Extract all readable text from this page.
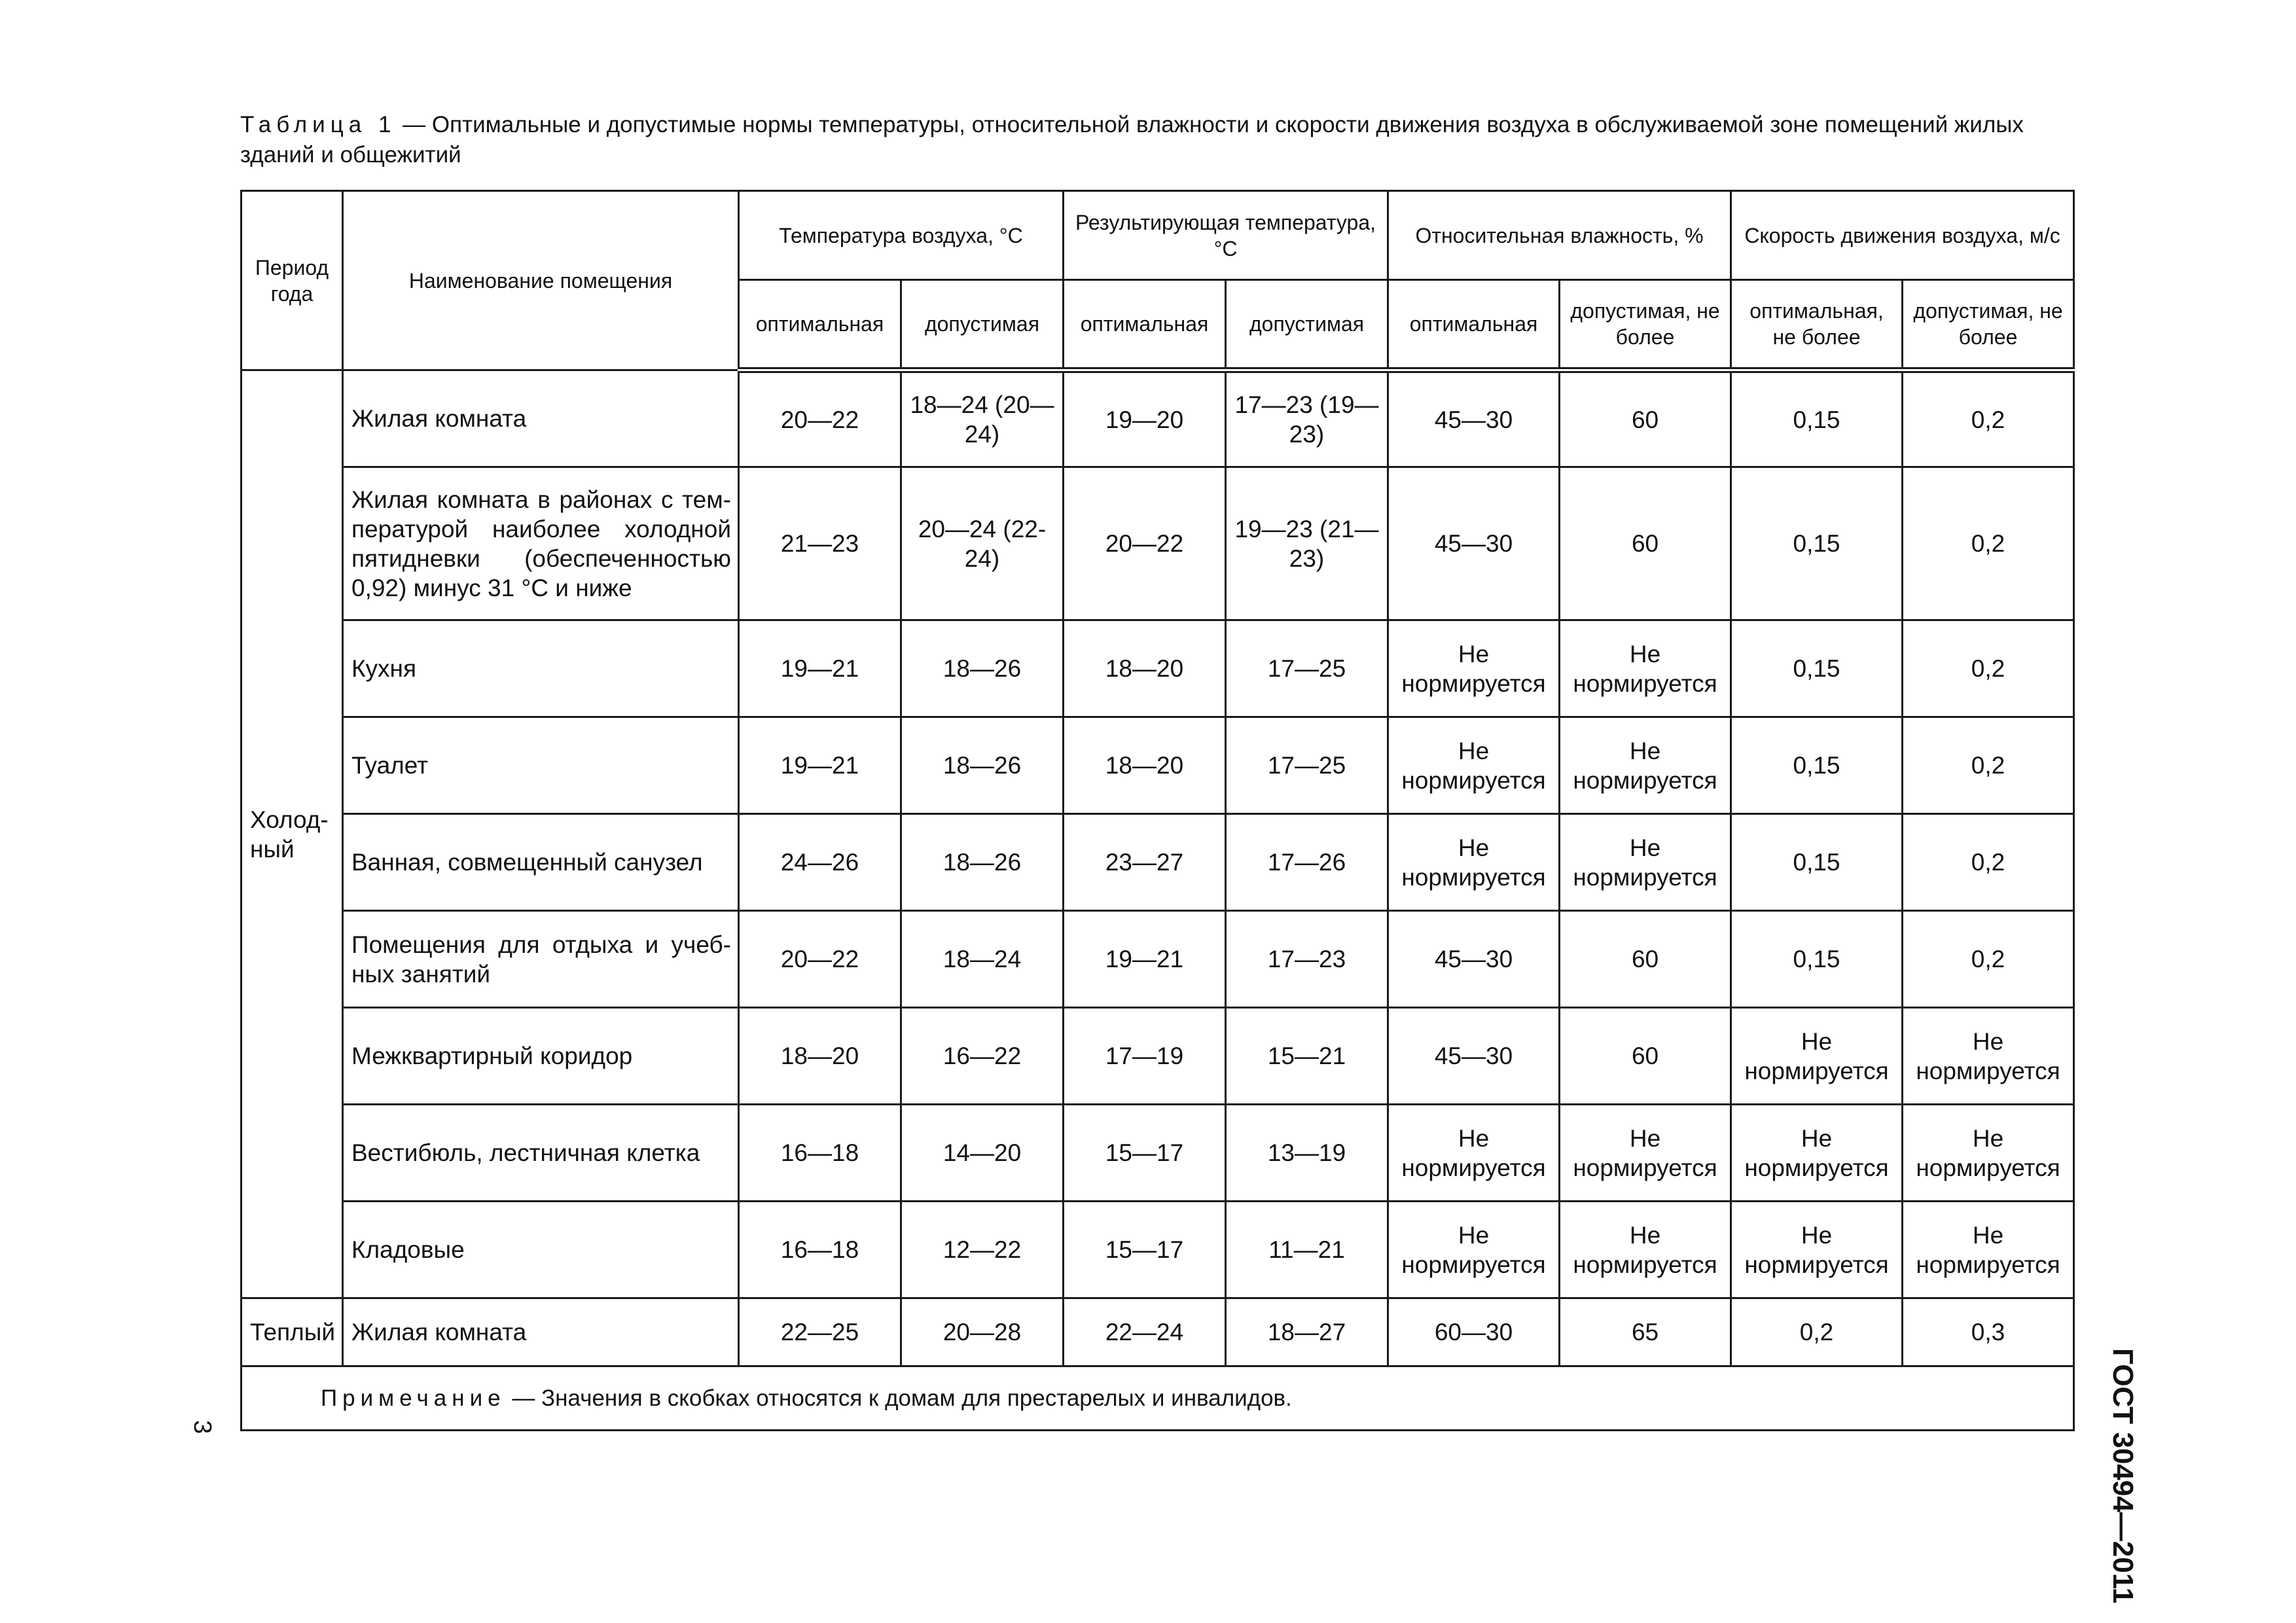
Таблица 1 — Оптимальные и допустимые нормы температуры, относительной влажности и скорости движения воздуха в обслуживаемой зоне помещений жилых зданий и общежитий
Период года	Наименование помещения	Температура воздуха, °С		Результирующая температура, °С		Относительная влажность, %		Скорость движения воздуха, м/с	
		оптимальная	допустимая	оптимальная	допустимая	оптимальная	допустимая, не более	оптимальная, не более	допустимая, не более
Холод-ный	Жилая комната	20—22	18—24 (20—24)	19—20	17—23 (19—23)	45—30	60	0,15	0,2
	Жилая комната в районах с тем-пературой наиболее холодной пятидневки (обеспеченностью 0,92) минус 31 °С и ниже	21—23	20—24 (22-24)	20—22	19—23 (21—23)	45—30	60	0,15	0,2
	Кухня	19—21	18—26	18—20	17—25	Не нормируется	Не нормируется	0,15	0,2
	Туалет	19—21	18—26	18—20	17—25	Не нормируется	Не нормируется	0,15	0,2
	Ванная, совмещенный санузел	24—26	18—26	23—27	17—26	Не нормируется	Не нормируется	0,15	0,2
	Помещения для отдыха и учеб-ных занятий	20—22	18—24	19—21	17—23	45—30	60	0,15	0,2
	Межквартирный коридор	18—20	16—22	17—19	15—21	45—30	60	Не нормируется	Не нормируется
	Вестибюль, лестничная клетка	16—18	14—20	15—17	13—19	Не нормируется	Не нормируется	Не нормируется	Не нормируется
	Кладовые	16—18	12—22	15—17	11—21	Не нормируется	Не нормируется	Не нормируется	Не нормируется
Теплый	Жилая комната	22—25	20—28	22—24	18—27	60—30	65	0,2	0,3
Примечание — Значения в скобках относятся к домам для престарелых и инвалидов.										ГОСТ 30494—2011
3
